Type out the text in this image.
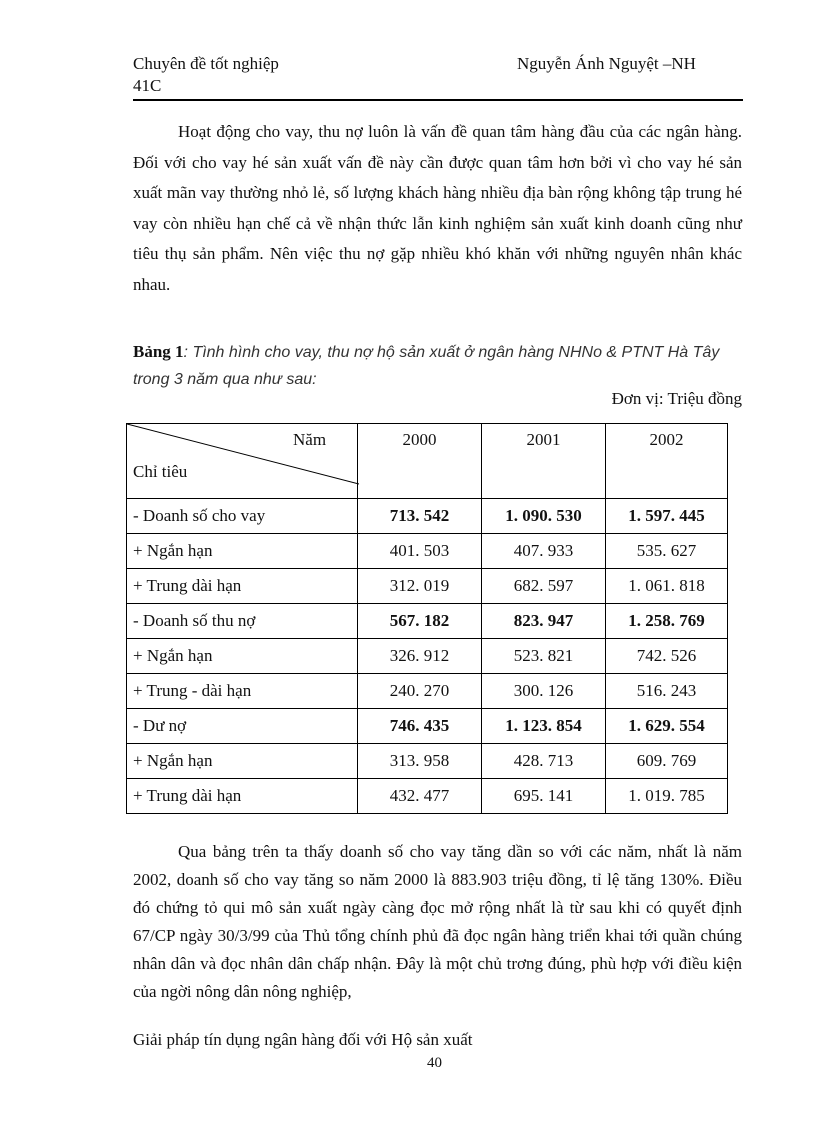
Chuyên đề tốt nghiệp
41C
Nguyễn Ánh Nguyệt –NH
Hoạt động cho vay, thu nợ luôn là vấn đề quan tâm hàng đầu của các ngân hàng. Đối với cho vay hé sản xuất vấn đề này cần được quan tâm hơn bởi vì cho vay hé sản xuất mãn vay thường nhỏ lẻ, số lượng khách hàng nhiều địa bàn rộng không tập trung hé vay còn nhiều hạn chế cả về nhận thức lẫn kinh nghiệm sản xuất kinh doanh cũng như tiêu thụ sản phẩm. Nên việc thu nợ gặp nhiều khó khăn với những nguyên nhân khác nhau.
Bảng 1: Tình hình cho vay, thu nợ hộ sản xuất ở ngân hàng NHNo & PTNT Hà Tây trong 3 năm qua như sau:
Đơn vị: Triệu đồng
Năm
Chỉ tiêu	2000	2001	2002
- Doanh số cho vay	713. 542	1. 090. 530	1. 597. 445
+ Ngắn hạn	401. 503	407. 933	535. 627
+ Trung dài hạn	312. 019	682. 597	1. 061. 818
- Doanh số thu nợ	567. 182	823. 947	1. 258. 769
+ Ngắn hạn	326. 912	523. 821	742. 526
+ Trung - dài hạn	240. 270	300. 126	516. 243
- Dư nợ	746. 435	1. 123. 854	1. 629. 554
+ Ngắn hạn	313. 958	428. 713	609. 769
+ Trung dài hạn	432. 477	695. 141	1. 019. 785
Qua bảng trên ta thấy doanh số cho vay tăng dần so với các năm, nhất là năm 2002, doanh số cho vay tăng so năm 2000 là 883.903 triệu đồng, tỉ lệ tăng 130%. Điều đó chứng tỏ qui mô sản xuất ngày càng đọc mở rộng nhất là từ sau khi có quyết định 67/CP ngày 30/3/99 của Thủ tổng chính phủ đã đọc ngân hàng triển khai tới quần chúng nhân dân và đọc nhân dân chấp nhận. Đây là một chủ trơng đúng, phù hợp với điều kiện của ngời nông dân nông nghiệp,
Giải pháp tín dụng ngân hàng đối với Hộ sản xuất
40
